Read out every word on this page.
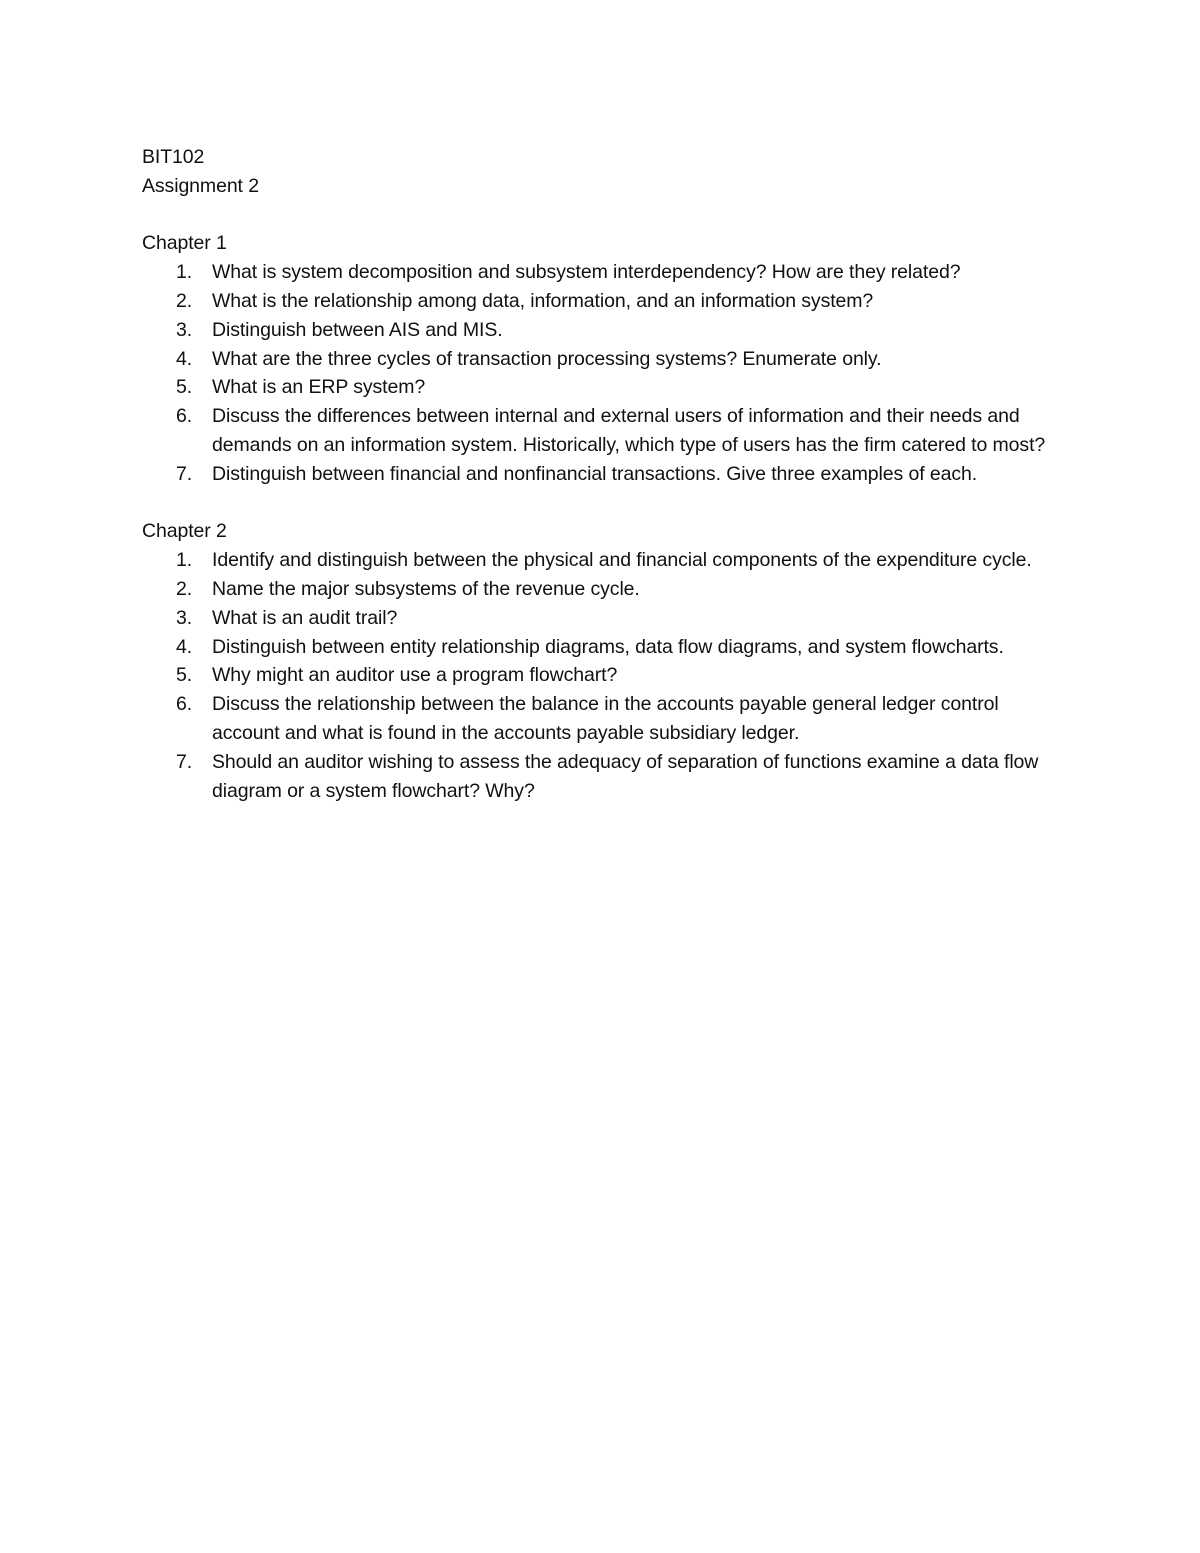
BIT102

Assignment 2

Chapter 1

1.	What is system decomposition and subsystem interdependency? How are they related?
2.	What is the relationship among data, information, and an information system?
3.	Distinguish between AIS and MIS.
4.	What are the three cycles of transaction processing systems? Enumerate only.
5.	What is an ERP system?
6.	Discuss the differences between internal and external users of information and their needs and demands on an information system. Historically, which type of users has the firm catered to most?
7.	Distinguish between financial and nonfinancial transactions. Give three examples of each.

Chapter 2

1.	Identify and distinguish between the physical and financial components of the expenditure cycle.
2.	Name the major subsystems of the revenue cycle.
3.	What is an audit trail?
4.	Distinguish between entity relationship diagrams, data flow diagrams, and system flowcharts.
5.	Why might an auditor use a program flowchart?
6.	Discuss the relationship between the balance in the accounts payable general ledger control account and what is found in the accounts payable subsidiary ledger.
7.	Should an auditor wishing to assess the adequacy of separation of functions examine a data flow diagram or a system flowchart? Why?
